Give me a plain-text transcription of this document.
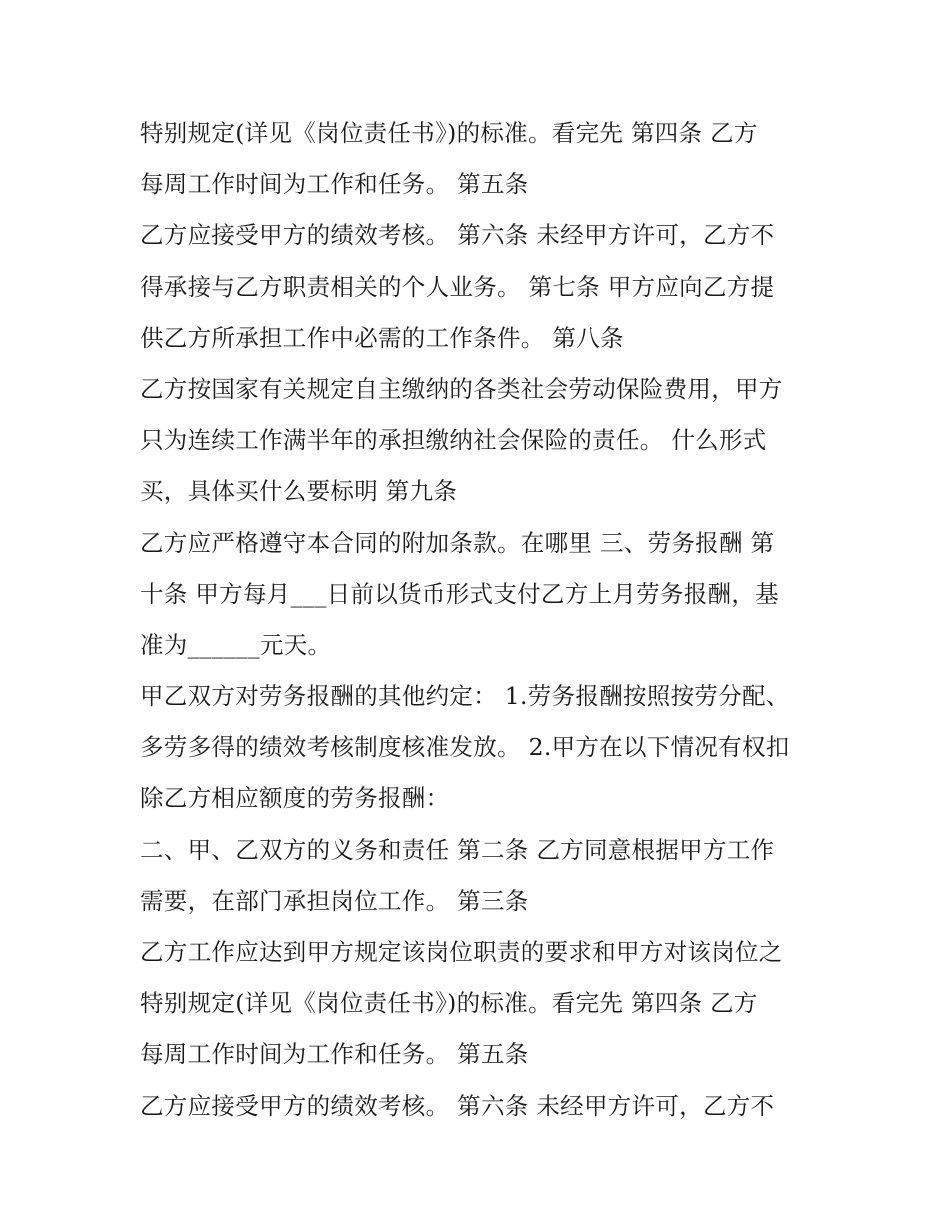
特别规定(详见《岗位责任书》)的标准。看完先 第四条 乙方

每周工作时间为工作和任务。 第五条

乙方应接受甲方的绩效考核。 第六条 未经甲方许可，乙方不

得承接与乙方职责相关的个人业务。 第七条 甲方应向乙方提

供乙方所承担工作中必需的工作条件。 第八条

乙方按国家有关规定自主缴纳的各类社会劳动保险费用，甲方

只为连续工作满半年的承担缴纳社会保险的责任。 什么形式

买，具体买什么要标明 第九条

乙方应严格遵守本合同的附加条款。在哪里 三、劳务报酬 第

十条 甲方每月___日前以货币形式支付乙方上月劳务报酬，基

准为______元天。

甲乙双方对劳务报酬的其他约定： 1.劳务报酬按照按劳分配、

多劳多得的绩效考核制度核准发放。 2.甲方在以下情况有权扣

除乙方相应额度的劳务报酬：

二、甲、乙双方的义务和责任 第二条 乙方同意根据甲方工作

需要，在部门承担岗位工作。 第三条

乙方工作应达到甲方规定该岗位职责的要求和甲方对该岗位之

特别规定(详见《岗位责任书》)的标准。看完先 第四条 乙方

每周工作时间为工作和任务。 第五条

乙方应接受甲方的绩效考核。 第六条 未经甲方许可，乙方不
